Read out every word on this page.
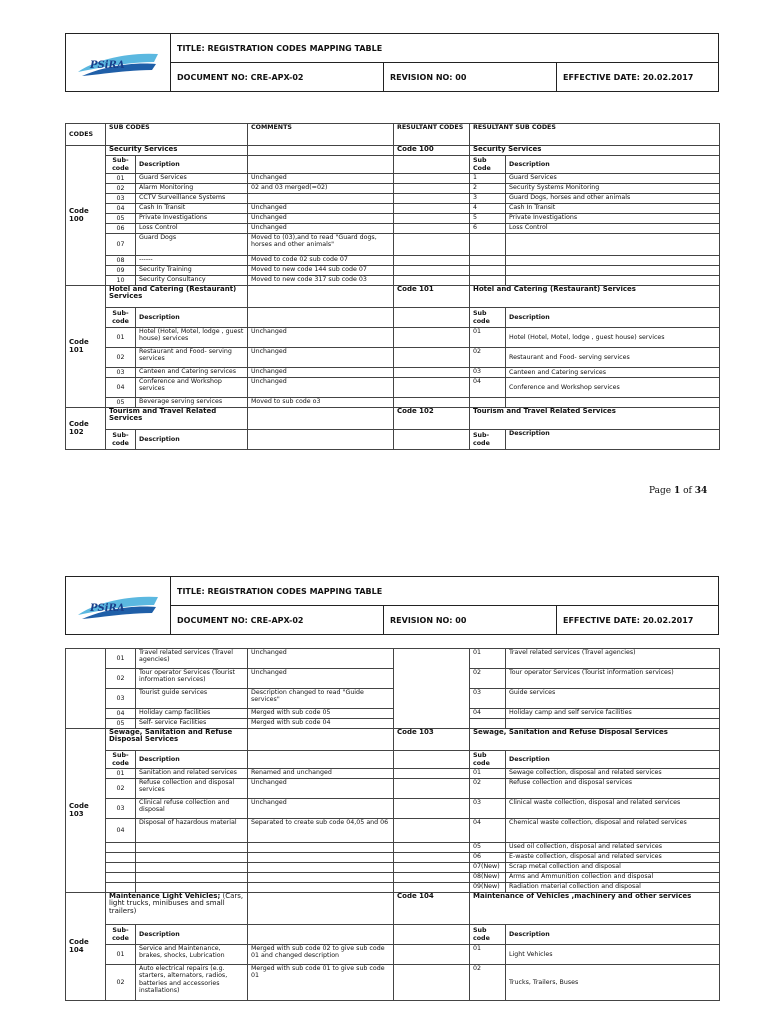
PSiRA	TITLE: REGISTRATION CODES MAPPING TABLE		
	DOCUMENT NO: CRE-APX-02	REVISION NO: 00	EFFECTIVE DATE: 20.02.2017
CODES	SUB CODES		COMMENTS	RESULTANT CODES	RESULTANT SUB CODES	
Code 100	Security Services			Code 100	Security Services	
	Sub-code	Description			Sub Code	Description
	01	Guard Services	Unchanged		1	Guard Services
	02	Alarm Monitoring	02 and 03 merged(=02)		2	Security Systems Monitoring
	03	CCTV Surveillance Systems			3	Guard Dogs, horses and other animals
	04	Cash In Transit	Unchanged		4	Cash In Transit
	05	Private Investigations	Unchanged		5	Private Investigations
	06	Loss Control	Unchanged		6	Loss Control
	07	Guard Dogs	Moved to (03),and to read "Guard dogs, horses and other animals"			
	08	------	Moved to code 02 sub code 07			
	09	Security Training	Moved to new code 144 sub code 07			
	10	Security Consultancy	Moved to new code 317 sub code 03			
Code 101	Hotel and Catering (Restaurant) Services			Code 101	Hotel and Catering (Restaurant) Services	
	Sub-code	Description			Sub code	Description
	01	Hotel (Hotel, Motel, lodge , guest house) services	Unchanged		01	Hotel (Hotel, Motel, lodge , guest house) services
	02	Restaurant and Food- serving services	Unchanged		02	Restaurant and Food- serving services
	03	Canteen and Catering services	Unchanged		03	Canteen and Catering services
	04	Conference and Workshop services	Unchanged		04	Conference and Workshop services
	05	Beverage serving services	Moved to sub code o3			
Code 102	Tourism and Travel Related Services			Code 102	Tourism and Travel Related Services	
	Sub-code	Description			Sub-code	Description
Page 1 of 34
PSiRA	TITLE: REGISTRATION CODES MAPPING TABLE		
	DOCUMENT NO: CRE-APX-02	REVISION NO: 00	EFFECTIVE DATE: 20.02.2017
	01	Travel related services (Travel agencies)	Unchanged		01	Travel related services (Travel agencies)
	02	Tour operator Services (Tourist information services)	Unchanged		02	Tour operator Services (Tourist information services)
	03	Tourist guide services	Description changed to read "Guide services"		03	Guide services
	04	Holiday camp facilities	Merged with sub code 05		04	Holiday camp and self service facilities
	05	Self- service Facilities	Merged with sub code 04			
Code 103	Sewage, Sanitation and Refuse Disposal Services			Code 103	Sewage, Sanitation and Refuse Disposal Services	
	Sub-code	Description			Sub code	Description
	01	Sanitation and related services	Renamed and unchanged		01	Sewage collection, disposal and related services
	02	Refuse collection and disposal services	Unchanged		02	Refuse collection and disposal services
	03	Clinical refuse collection and disposal	Unchanged		03	Clinical waste collection, disposal and related services
	04	Disposal of hazardous material	Separated to create sub code 04,05 and 06		04	Chemical waste collection, disposal and related services
					05	Used oil collection, disposal and related services
					06	E-waste collection, disposal and related services
					07(New)	Scrap metal collection and disposal
					08(New)	Arms and Ammunition collection and disposal
					09(New)	Radiation material collection and disposal
Code 104	Maintenance Light Vehicles; (Cars, light trucks, minibuses and small trailers)			Code 104	Maintenance of Vehicles ,machinery and other services	
	Sub-code	Description			Sub code	Description
	01	Service and Maintenance, brakes, shocks, Lubrication	Merged with sub code 02 to give sub code 01 and changed description		01	Light Vehicles
	02	Auto electrical repairs (e.g. starters, alternators, radios, batteries and accessories installations)	Merged with sub code 01 to give sub code 01		02	Trucks, Trailers, Buses
